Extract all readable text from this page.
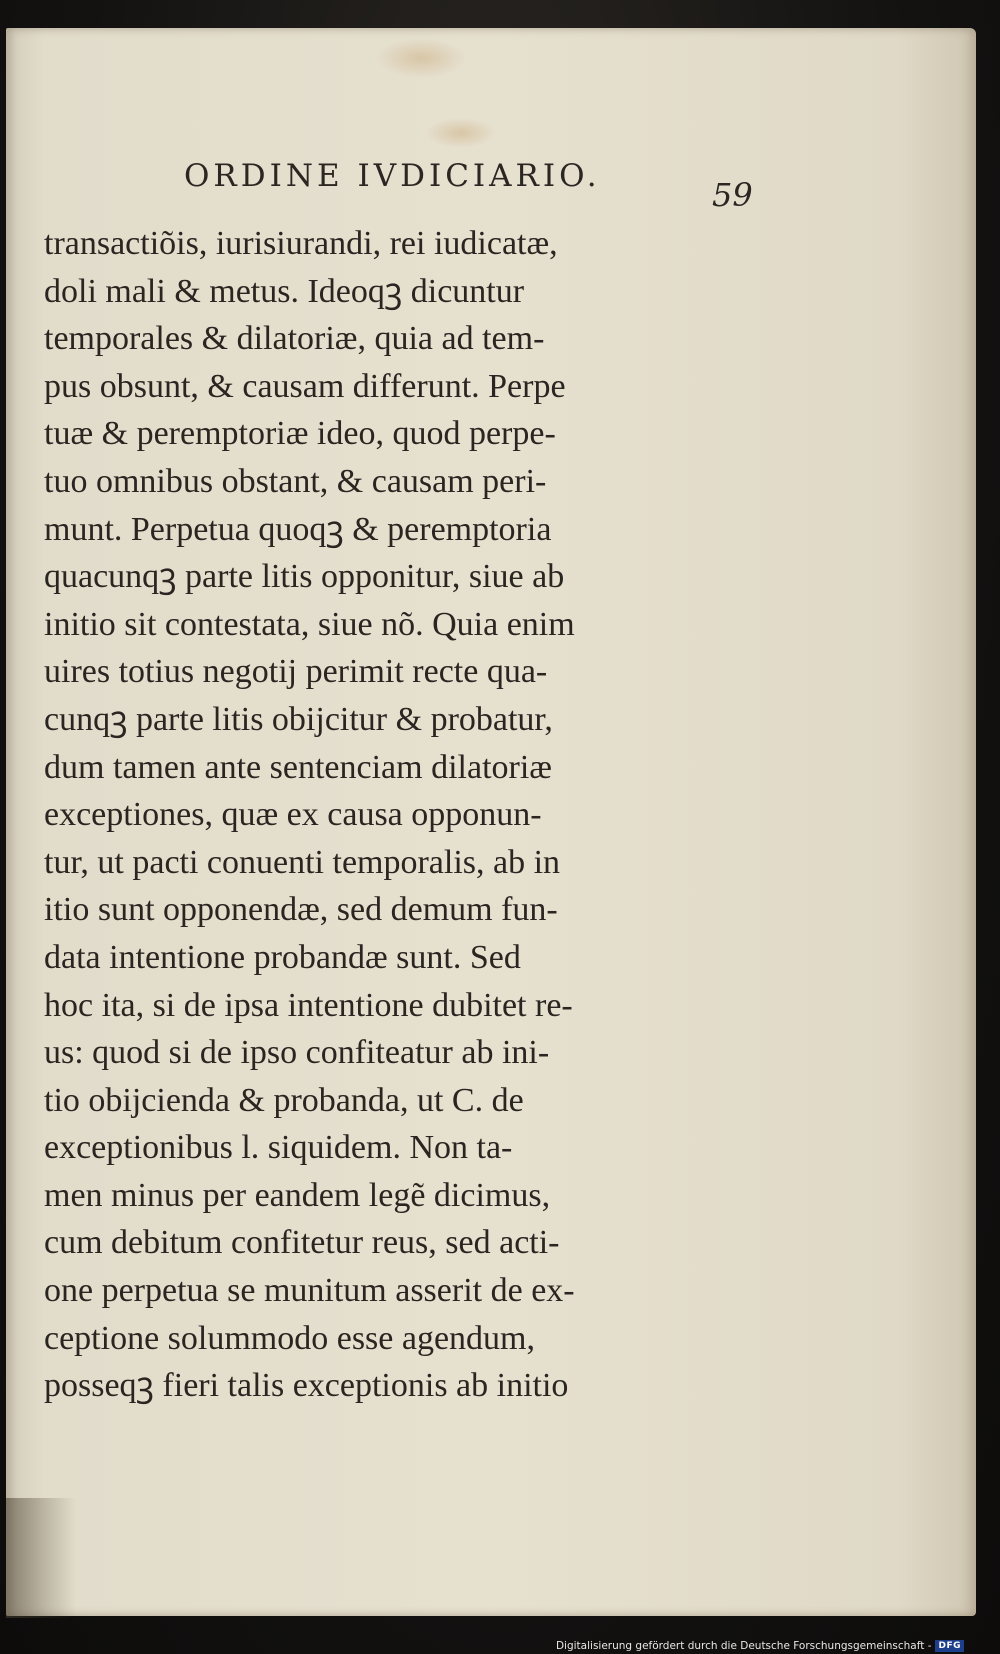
ORDINE IVDICIARIO.	59
transactiõis, iurisiurandi, rei iudicatæ,
doli mali & metus. Ideoqꝫ dicuntur
temporales & dilatoriæ, quia ad tem-
pus obsunt, & causam differunt. Perpe
tuæ & peremptoriæ ideo, quod perpe-
tuo omnibus obstant, & causam peri-
munt. Perpetua quoqꝫ & peremptoria
quacunqꝫ parte litis opponitur, siue ab
initio sit contestata, siue nõ. Quia enim
uires totius negotij perimit recte qua-
cunqꝫ parte litis obijcitur & probatur,
dum tamen ante sentenciam dilatoriæ
exceptiones, quæ ex causa opponun-
tur, ut pacti conuenti temporalis, ab in
itio sunt opponendæ, sed demum fun-
data intentione probandæ sunt. Sed
hoc ita, si de ipsa intentione dubitet re-
us: quod si de ipso confiteatur ab ini-
tio obijcienda & probanda, ut C. de
exceptionibus l. siquidem. Non ta-
men minus per eandem legẽ dicimus,
cum debitum confitetur reus, sed acti-
one perpetua se munitum asserit de ex-
ceptione solummodo esse agendum,
posseqꝫ fieri talis exceptionis ab initio
Digitalisierung gefördert durch die Deutsche Forschungsgemeinschaft - DFG
